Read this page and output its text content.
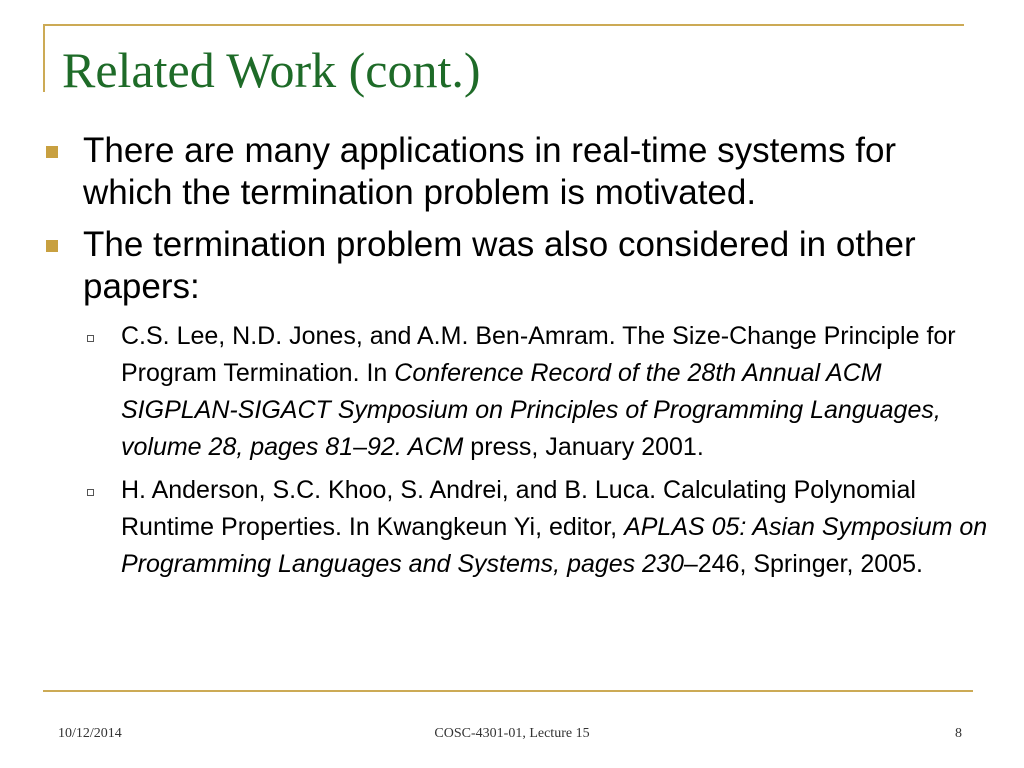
Related Work (cont.)
There are many applications in real-time systems for which the termination problem is motivated.
The termination problem was also considered in other papers:
C.S. Lee, N.D. Jones, and A.M. Ben-Amram. The Size-Change Principle for Program Termination. In Conference Record of the 28th Annual ACM SIGPLAN-SIGACT Symposium on Principles of Programming Languages, volume 28, pages 81–92. ACM press, January 2001.
H. Anderson, S.C. Khoo, S. Andrei, and B. Luca. Calculating Polynomial Runtime Properties. In Kwangkeun Yi, editor, APLAS 05: Asian Symposium on Programming Languages and Systems, pages 230–246, Springer, 2005.
10/12/2014	COSC-4301-01, Lecture 15	8
